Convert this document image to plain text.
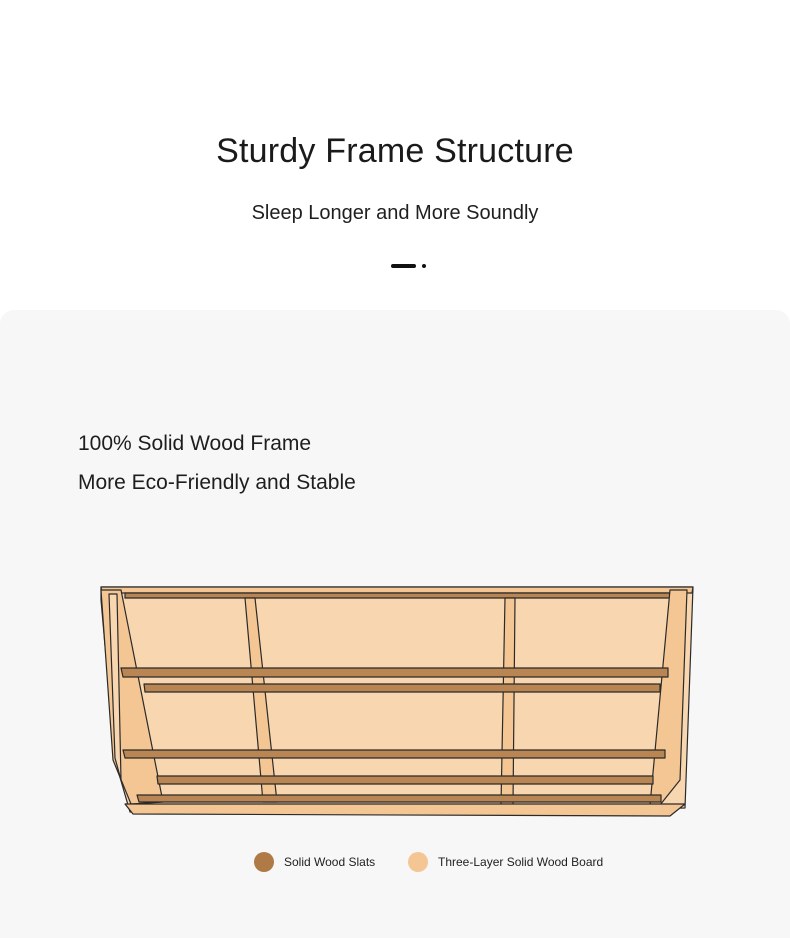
Sturdy Frame Structure

Sleep Longer and More Soundly

100% Solid Wood Frame

More Eco-Friendly and Stable

Solid Wood Slats	Three-Layer Solid Wood Board
